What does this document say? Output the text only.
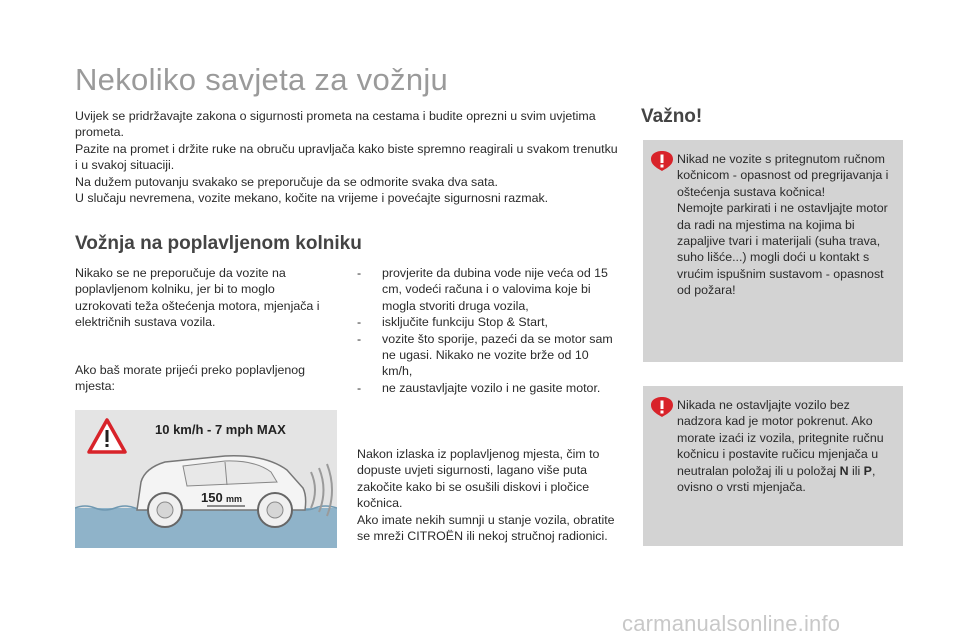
Nekoliko savjeta za vožnju

Uvijek se pridržavajte zakona o sigurnosti prometa na cestama i budite oprezni u svim uvjetima prometa.

Pazite na promet i držite ruke na obruču upravljača kako biste spremno reagirali u svakom trenutku i u svakoj situaciji.

Na dužem putovanju svakako se preporučuje da se odmorite svaka dva sata.

U slučaju nevremena, vozite mekano, kočite na vrijeme i povećajte sigurnosni razmak.

Vožnja na poplavljenom kolniku

Nikako se ne preporučuje da vozite na poplavljenom kolniku, jer bi to moglo uzrokovati teža oštećenja motora, mjenjača i električnih sustava vozila.

Ako baš morate prijeći preko poplavljenog mjesta:

10 km/h - 7 mph MAX
150 mm
- provjerite da dubina vode nije veća od 15 cm, vodeći računa i o valovima koje bi mogla stvoriti druga vozila,
- isključite funkciju Stop & Start,
- vozite što sporije, pazeći da se motor sam ne ugasi. Nikako ne vozite brže od 10 km/h,
- ne zaustavljajte vozilo i ne gasite motor.

Nakon izlaska iz poplavljenog mjesta, čim to dopuste uvjeti sigurnosti, lagano više puta zakočite kako bi se osušili diskovi i pločice kočnica.

Ako imate nekih sumnji u stanje vozila, obratite se mreži CITROËN ili nekoj stručnoj radionici.

Važno!

Nikad ne vozite s pritegnutom ručnom kočnicom - opasnost od pregrijavanja i oštećenja sustava kočnica!

Nemojte parkirati i ne ostavljajte motor da radi na mjestima na kojima bi zapaljive tvari i materijali (suha trava, suho lišće...) mogli doći u kontakt s vrućim ispušnim sustavom - opasnost od požara!

Nikada ne ostavljajte vozilo bez nadzora kad je motor pokrenut. Ako morate izaći iz vozila, pritegnite ručnu kočnicu i postavite ručicu mjenjača u neutralan položaj ili u položaj N ili P, ovisno o vrsti mjenjača.

carmanualsonline.info
